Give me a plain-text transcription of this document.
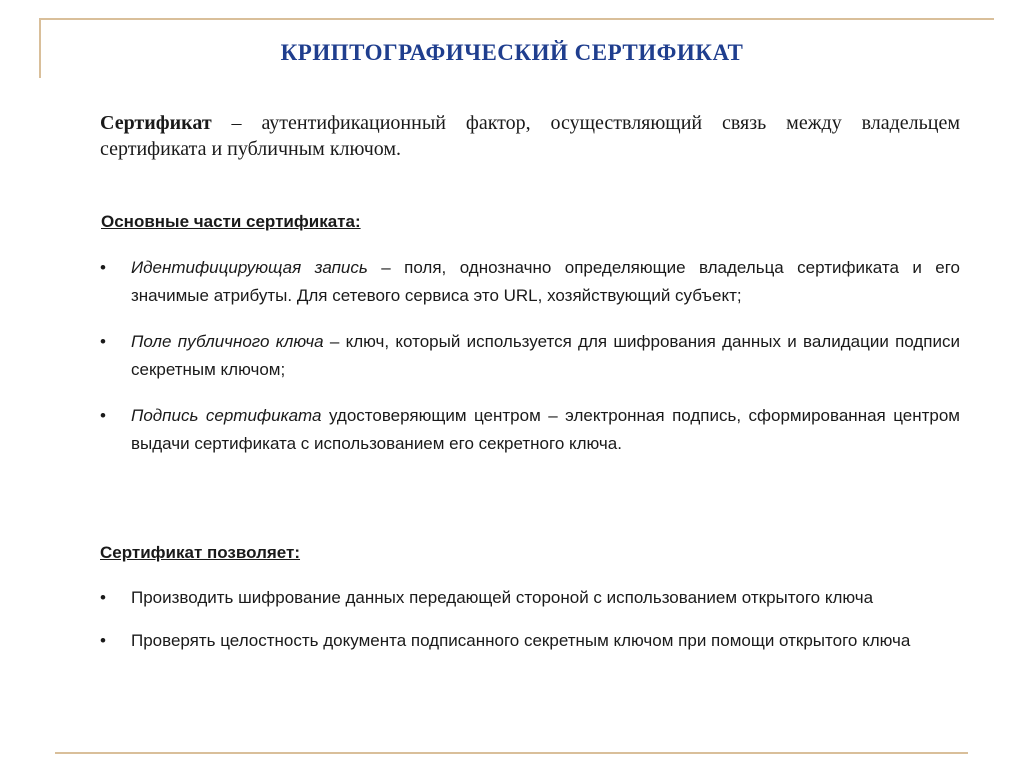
КРИПТОГРАФИЧЕСКИЙ СЕРТИФИКАТ
Сертификат – аутентификационный фактор, осуществляющий связь между владельцем сертификата и публичным ключом.
Основные части сертификата:
• Идентифицирующая запись – поля, однозначно определяющие владельца сертификата и его значимые атрибуты. Для сетевого сервиса это URL, хозяйствующий субъект;
• Поле публичного ключа – ключ, который используется для шифрования данных и валидации подписи секретным ключом;
• Подпись сертификата удостоверяющим центром – электронная подпись, сформированная центром выдачи сертификата с использованием его секретного ключа.
Сертификат позволяет:
• Производить шифрование данных передающей стороной с использованием открытого ключа
• Проверять целостность документа подписанного секретным ключом при помощи открытого ключа
